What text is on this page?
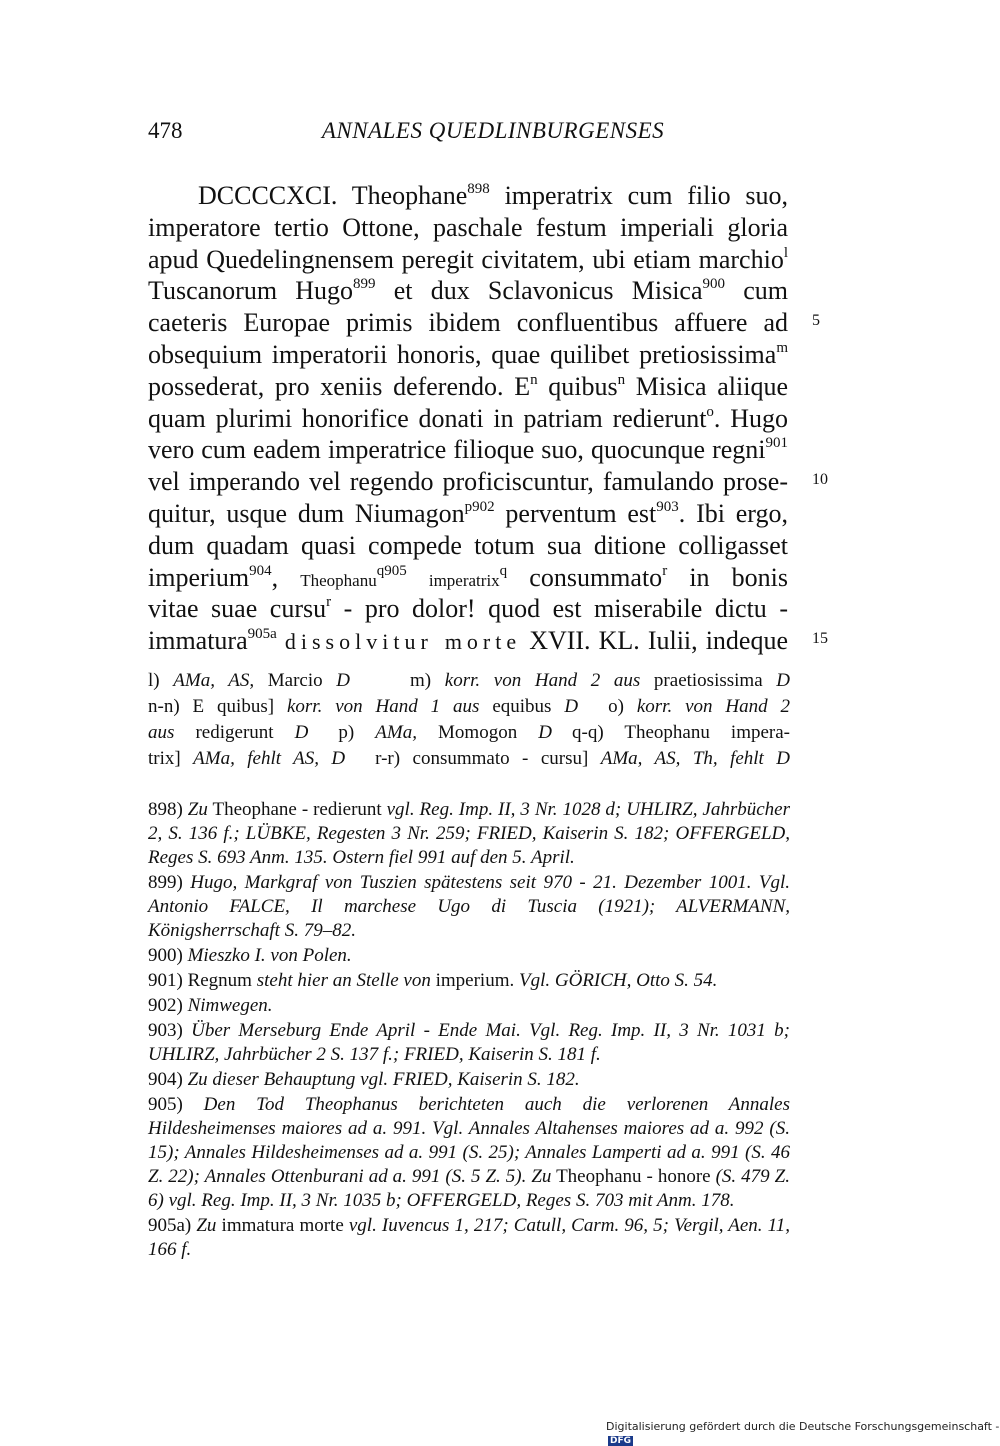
478	ANNALES QUEDLINBURGENSES
DCCCCXCI. Theophane$^{898}$ imperatrix cum filio suo,
imperatore tertio Ottone, paschale festum imperiali gloria
apud Quedelingnensem peregit civitatem, ubi etiam marchio$^l$
Tuscanorum Hugo$^{899}$ et dux Sclavonicus Misica$^{900}$ cum
caeteris Europae primis ibidem confluentibus affuere ad
obsequium imperatorii honoris, quae quilibet pretiosissima$^m$
possederat, pro xeniis deferendo. $E^n$ quibus$^n$ Misica aliique
quam plurimi honorifice donati in patriam redierunt$^o$. Hugo
vero cum eadem imperatrice filioque suo, quocunque regni$^{901}$
vel imperando vel regendo proficiscuntur, famulando prose-
quitur, usque dum Niumagon$^{p902}$ perventum est$^{903}$. Ibi ergo,
dum quadam quasi compede totum sua ditione colligasset
imperium$^{904}$, Theophanu$^{q905}$ imperatrix$^q$ consummato$^r$ in bonis
vitae suae cursu$^r$ - pro dolor! quod est miserabile dictu -
immatura$^{905a}$ dissolvitur morte XVII. KL. Iulii, indeque
5
10
15
l) AMa, AS, Marcio D	m) korr. von Hand 2 aus praetiosissima D
n-n) E quibus] korr. von Hand 1 aus equibus D o) korr. von Hand 2
aus redigerunt D p) AMa, Momogon D q-q) Theophanu impera-
trix] AMa, fehlt AS, D r-r) consummato - cursu] AMa, AS, Th, fehlt D
898) Zu Theophane - redierunt vgl. Reg. Imp. II, 3 Nr. 1028 d; UHLIRZ, Jahrbücher 2, S. 136 f.; LÜBKE, Regesten 3 Nr. 259; FRIED, Kaiserin S. 182; OFFERGELD, Reges S. 693 Anm. 135. Ostern fiel 991 auf den 5. April.
899) Hugo, Markgraf von Tuszien spätestens seit 970 - 21. Dezember 1001. Vgl. Antonio FALCE, Il marchese Ugo di Tuscia (1921); ALVERMANN, Königsherrschaft S. 79–82.
900) Mieszko I. von Polen.
901) Regnum steht hier an Stelle von imperium. Vgl. GÖRICH, Otto S. 54.
902) Nimwegen.
903) Über Merseburg Ende April - Ende Mai. Vgl. Reg. Imp. II, 3 Nr. 1031 b; UHLIRZ, Jahrbücher 2 S. 137 f.; FRIED, Kaiserin S. 181 f.
904) Zu dieser Behauptung vgl. FRIED, Kaiserin S. 182.
905) Den Tod Theophanus berichteten auch die verlorenen Annales Hildesheimenses maiores ad a. 991. Vgl. Annales Altahenses maiores ad a. 992 (S. 15); Annales Hildesheimenses ad a. 991 (S. 25); Annales Lamperti ad a. 991 (S. 46 Z. 22); Annales Ottenburani ad a. 991 (S. 5 Z. 5). Zu Theophanu - honore (S. 479 Z. 6) vgl. Reg. Imp. II, 3 Nr. 1035 b; OFFERGELD, Reges S. 703 mit Anm. 178.
905a) Zu immatura morte vgl. Iuvencus 1, 217; Catull, Carm. 96, 5; Vergil, Aen. 11, 166 f.
Digitalisierung gefördert durch die Deutsche Forschungsgemeinschaft -DFG
